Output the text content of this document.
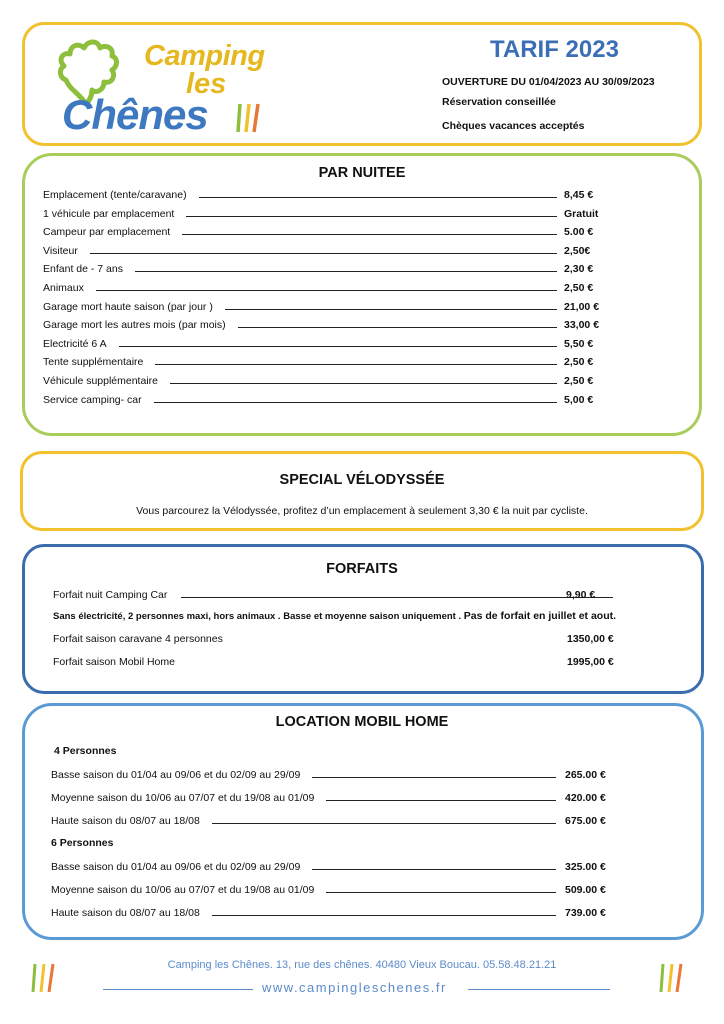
Camping
les
Chênes
TARIF 2023
OUVERTURE DU 01/04/2023 AU 30/09/2023
Réservation conseillée
Chèques vacances acceptés
PAR NUITEE
Emplacement (tente/caravane)	8,45 €
1 véhicule par emplacement	Gratuit
Campeur par emplacement	5.00 €
Visiteur	2,50€
Enfant de - 7 ans	2,30 €
Animaux	2,50 €
Garage mort haute saison (par jour )	21,00 €
Garage mort les autres mois (par mois)	33,00 €
Electricité 6 A	5,50 €
Tente supplémentaire	2,50 €
Véhicule supplémentaire	2,50 €
Service camping- car	5,00 €
SPECIAL VÉLODYSSÉE
Vous parcourez la Vélodyssée, profitez d’un emplacement à seulement 3,30 € la nuit par cycliste.
FORFAITS
Forfait nuit Camping Car	9,90 €
Sans électricité, 2 personnes maxi, hors animaux . Basse et moyenne saison uniquement . Pas de forfait en juillet et aout.
Forfait saison caravane 4 personnes	1350,00 €
Forfait saison Mobil Home	1995,00 €
LOCATION MOBIL HOME
4 Personnes
Basse saison du 01/04 au 09/06 et du 02/09 au 29/09	265.00 €
Moyenne saison du 10/06 au 07/07 et du 19/08 au 01/09	420.00 €
Haute saison du 08/07 au 18/08	675.00 €
6 Personnes
Basse saison du 01/04 au 09/06 et du 02/09 au 29/09	325.00 €
Moyenne saison du 10/06 au 07/07 et du 19/08 au 01/09	509.00 €
Haute saison du 08/07 au 18/08	739.00 €
Camping les Chênes. 13, rue des chênes. 40480 Vieux Boucau. 05.58.48.21.21
www.campingleschenes.fr
